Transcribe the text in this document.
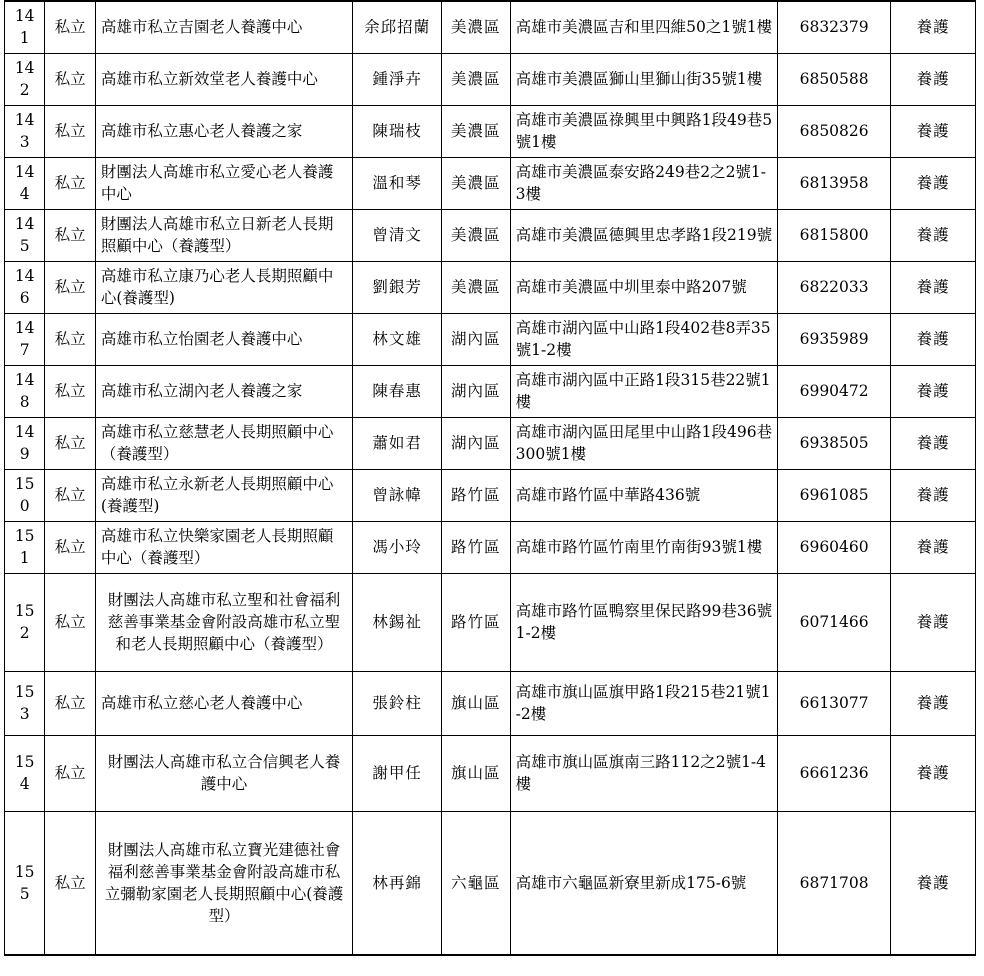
141	私立	高雄市私立吉園老人養護中心	余邱招蘭	美濃區	高雄市美濃區吉和里四維50之1號1樓	6832379	養護
142	私立	高雄市私立新效堂老人養護中心	鍾淨卉	美濃區	高雄市美濃區獅山里獅山街35號1樓	6850588	養護
143	私立	高雄市私立惠心老人養護之家	陳瑞枝	美濃區	高雄市美濃區祿興里中興路1段49巷5號1樓	6850826	養護
144	私立	財團法人高雄市私立愛心老人養護中心	溫和琴	美濃區	高雄市美濃區泰安路249巷2之2號1-3樓	6813958	養護
145	私立	財團法人高雄市私立日新老人長期照顧中心（養護型）	曾清文	美濃區	高雄市美濃區德興里忠孝路1段219號	6815800	養護
146	私立	高雄市私立康乃心老人長期照顧中心(養護型)	劉銀芳	美濃區	高雄市美濃區中圳里泰中路207號	6822033	養護
147	私立	高雄市私立怡園老人養護中心	林文雄	湖內區	高雄市湖內區中山路1段402巷8弄35號1-2樓	6935989	養護
148	私立	高雄市私立湖內老人養護之家	陳春惠	湖內區	高雄市湖內區中正路1段315巷22號1樓	6990472	養護
149	私立	高雄市私立慈慧老人長期照顧中心（養護型）	蕭如君	湖內區	高雄市湖內區田尾里中山路1段496巷300號1樓	6938505	養護
150	私立	高雄市私立永新老人長期照顧中心(養護型)	曾詠幃	路竹區	高雄市路竹區中華路436號	6961085	養護
151	私立	高雄市私立快樂家園老人長期照顧中心（養護型）	馮小玲	路竹區	高雄市路竹區竹南里竹南街93號1樓	6960460	養護
152	私立	財團法人高雄市私立聖和社會福利慈善事業基金會附設高雄市私立聖和老人長期照顧中心（養護型）	林錫祉	路竹區	高雄市路竹區鴨察里保民路99巷36號1-2樓	6071466	養護
153	私立	高雄市私立慈心老人養護中心	張鈴柱	旗山區	高雄市旗山區旗甲路1段215巷21號1-2樓	6613077	養護
154	私立	財團法人高雄市私立合信興老人養護中心	謝甲任	旗山區	高雄市旗山區旗南三路112之2號1-4樓	6661236	養護
155	私立	財團法人高雄市私立寶光建德社會福利慈善事業基金會附設高雄市私立彌勒家園老人長期照顧中心(養護型）	林再錦	六龜區	高雄市六龜區新寮里新成175-6號	6871708	養護
